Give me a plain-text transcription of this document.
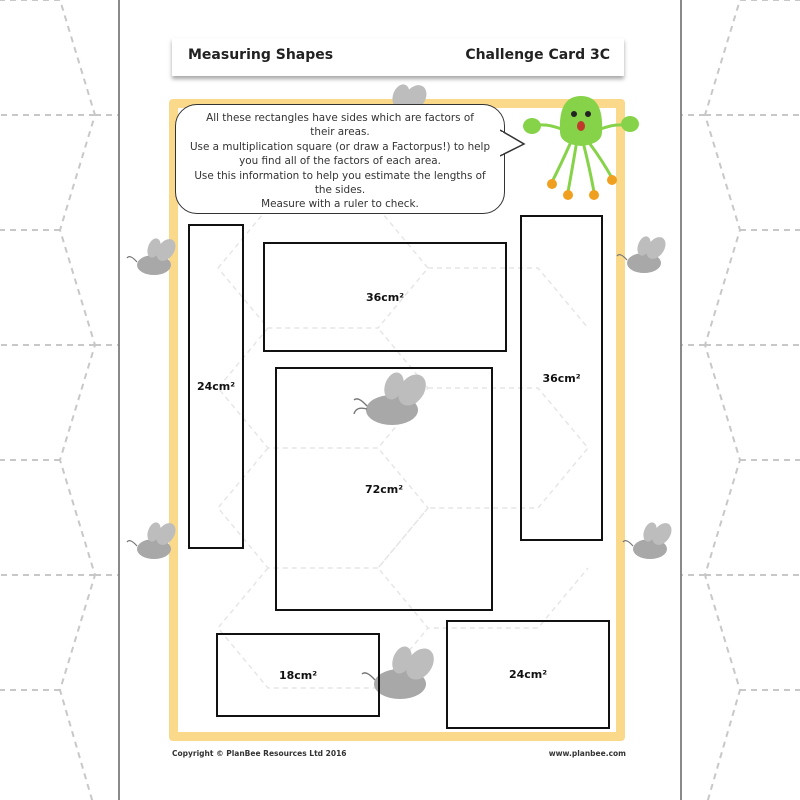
Measuring Shapes	Challenge Card 3C
All these rectangles have sides which are factors of
their areas.
Use a multiplication square (or draw a Factorpus!) to help
you find all of the factors of each area.
Use this information to help you estimate the lengths of
the sides.
Measure with a ruler to check.
24cm²
36cm²
36cm²
72cm²
18cm²	24cm²
Copyright © PlanBee Resources Ltd 2016	www.planbee.com
